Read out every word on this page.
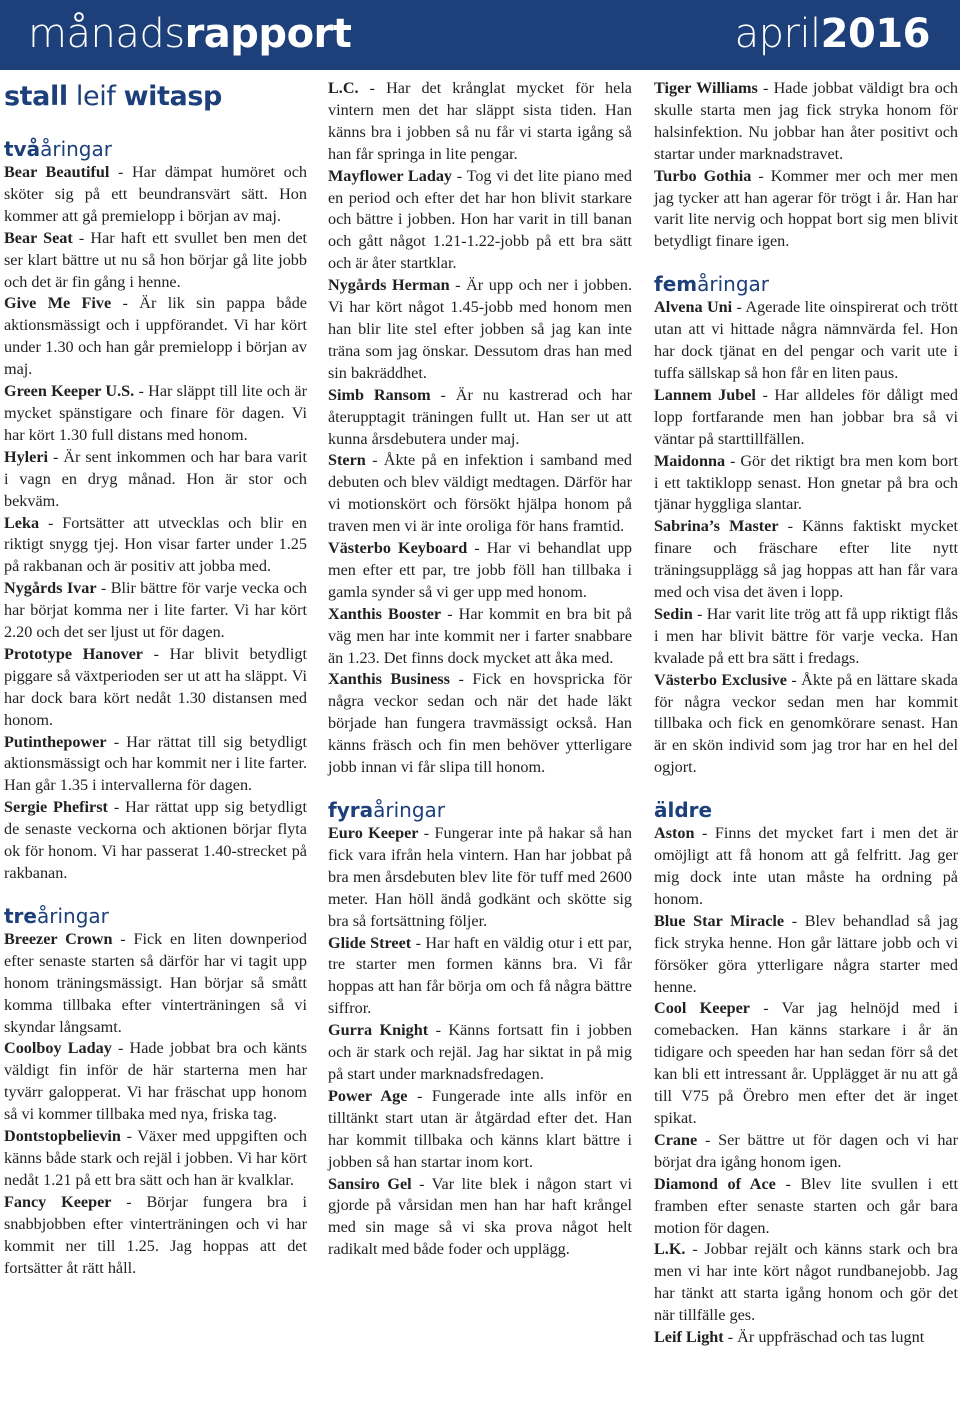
månadsrapport	april2016
stall leif witasp
tvååringar

Bear Beautiful - Har dämpat humöret och sköter sig på ett beundransvärt sätt. Hon kommer att gå premielopp i början av maj.

Bear Seat - Har haft ett svullet ben men det ser klart bättre ut nu så hon börjar gå lite jobb och det är fin gång i henne.

Give Me Five - Är lik sin pappa både aktionsmässigt och i uppförandet. Vi har kört under 1.30 och han går premielopp i början av maj.

Green Keeper U.S. - Har släppt till lite och är mycket spänstigare och finare för dagen. Vi har kört 1.30 full distans med honom.

Hyleri - Är sent inkommen och har bara varit i vagn en dryg månad. Hon är stor och bekväm.

Leka - Fortsätter att utvecklas och blir en riktigt snygg tjej. Hon visar farter under 1.25 på rakbanan och är positiv att jobba med.

Nygårds Ivar - Blir bättre för varje vecka och har börjat komma ner i lite farter. Vi har kört 2.20 och det ser ljust ut för dagen.

Prototype Hanover - Har blivit betydligt piggare så växtperioden ser ut att ha släppt. Vi har dock bara kört nedåt 1.30 distansen med honom.

Putinthepower - Har rättat till sig betydligt aktionsmässigt och har kommit ner i lite farter. Han går 1.35 i intervallerna för dagen.

Sergie Phefirst - Har rättat upp sig betydligt de senaste veckorna och aktionen börjar flyta ok för honom. Vi har passerat 1.40-strecket på rakbanan.

treåringar

Breezer Crown - Fick en liten downperiod efter senaste starten så därför har vi tagit upp honom träningsmässigt. Han börjar så smått komma tillbaka efter vinterträningen så vi skyndar långsamt.

Coolboy Laday - Hade jobbat bra och känts väldigt fin inför de här starterna men har tyvärr galopperat. Vi har fräschat upp honom så vi kommer tillbaka med nya, friska tag.

Dontstopbelievin - Växer med uppgiften och känns både stark och rejäl i jobben. Vi har kört nedåt 1.21 på ett bra sätt och han är kvalklar.

Fancy Keeper - Börjar fungera bra i snabbjobben efter vinterträningen och vi har kommit ner till 1.25. Jag hoppas att det fortsätter åt rätt håll.

L.C. - Har det krånglat mycket för hela vintern men det har släppt sista tiden. Han känns bra i jobben så nu får vi starta igång så han får springa in lite pengar.

Mayflower Laday - Tog vi det lite piano med en period och efter det har hon blivit starkare och bättre i jobben. Hon har varit in till banan och gått något 1.21-1.22-jobb på ett bra sätt och är åter startklar.

Nygårds Herman - Är upp och ner i jobben. Vi har kört något 1.45-jobb med honom men han blir lite stel efter jobben så jag kan inte träna som jag önskar. Dessutom dras han med sin bakräddhet.

Simb Ransom - Är nu kastrerad och har återupptagit träningen fullt ut. Han ser ut att kunna årsdebutera under maj.

Stern - Åkte på en infektion i samband med debuten och blev väldigt medtagen. Därför har vi motionskört och försökt hjälpa honom på traven men vi är inte oroliga för hans framtid.

Västerbo Keyboard - Har vi behandlat upp men efter ett par, tre jobb föll han tillbaka i gamla synder så vi ger upp med honom.

Xanthis Booster - Har kommit en bra bit på väg men har inte kommit ner i farter snabbare än 1.23. Det finns dock mycket att åka med.

Xanthis Business - Fick en hovspricka för några veckor sedan och när det hade läkt började han fungera travmässigt också. Han känns fräsch och fin men behöver ytterligare jobb innan vi får slipa till honom.

fyraåringar

Euro Keeper - Fungerar inte på hakar så han fick vara ifrån hela vintern. Han har jobbat på bra men årsdebuten blev lite för tuff med 2600 meter. Han höll ändå godkänt och skötte sig bra så fortsättning följer.

Glide Street - Har haft en väldig otur i ett par, tre starter men formen känns bra. Vi får hoppas att han får börja om och få några bättre siffror.

Gurra Knight - Känns fortsatt fin i jobben och är stark och rejäl. Jag har siktat in på mig på start under marknadsfredagen.

Power Age - Fungerade inte alls inför en tilltänkt start utan är åtgärdad efter det. Han har kommit tillbaka och känns klart bättre i jobben så han startar inom kort.

Sansiro Gel - Var lite blek i någon start vi gjorde på vårsidan men han har haft krångel med sin mage så vi ska prova något helt radikalt med både foder och upplägg.

Tiger Williams - Hade jobbat väldigt bra och skulle starta men jag fick stryka honom för halsinfektion. Nu jobbar han åter positivt och startar under marknadstravet.

Turbo Gothia - Kommer mer och mer men jag tycker att han agerar för trögt i år. Han har varit lite nervig och hoppat bort sig men blivit betydligt finare igen.

femåringar

Alvena Uni - Agerade lite oinspirerat och trött utan att vi hittade några nämnvärda fel. Hon har dock tjänat en del pengar och varit ute i tuffa sällskap så hon får en liten paus.

Lannem Jubel - Har alldeles för dåligt med lopp fortfarande men han jobbar bra så vi väntar på starttillfällen.

Maidonna - Gör det riktigt bra men kom bort i ett taktiklopp senast. Hon gnetar på bra och tjänar hyggliga slantar.

Sabrina’s Master - Känns faktiskt mycket finare och fräschare efter lite nytt träningsupplägg så jag hoppas att han får vara med och visa det även i lopp.

Sedin - Har varit lite trög att få upp riktigt flås i men har blivit bättre för varje vecka. Han kvalade på ett bra sätt i fredags.

Västerbo Exclusive - Åkte på en lättare skada för några veckor sedan men har kommit tillbaka och fick en genomkörare senast. Han är en skön individ som jag tror har en hel del ogjort.

äldre

Aston - Finns det mycket fart i men det är omöjligt att få honom att gå felfritt. Jag ger mig dock inte utan måste ha ordning på honom.

Blue Star Miracle - Blev behandlad så jag fick stryka henne. Hon går lättare jobb och vi försöker göra ytterligare några starter med henne.

Cool Keeper - Var jag helnöjd med i comebacken. Han känns starkare i år än tidigare och speeden har han sedan förr så det kan bli ett intressant år. Upplägget är nu att gå till V75 på Örebro men efter det är inget spikat.

Crane - Ser bättre ut för dagen och vi har börjat dra igång honom igen.

Diamond of Ace - Blev lite svullen i ett framben efter senaste starten och går bara motion för dagen.

L.K. - Jobbar rejält och känns stark och bra men vi har inte kört något rundbanejobb. Jag har tänkt att starta igång honom och gör det när tillfälle ges.

Leif Light - Är uppfräschad och tas lugnt
